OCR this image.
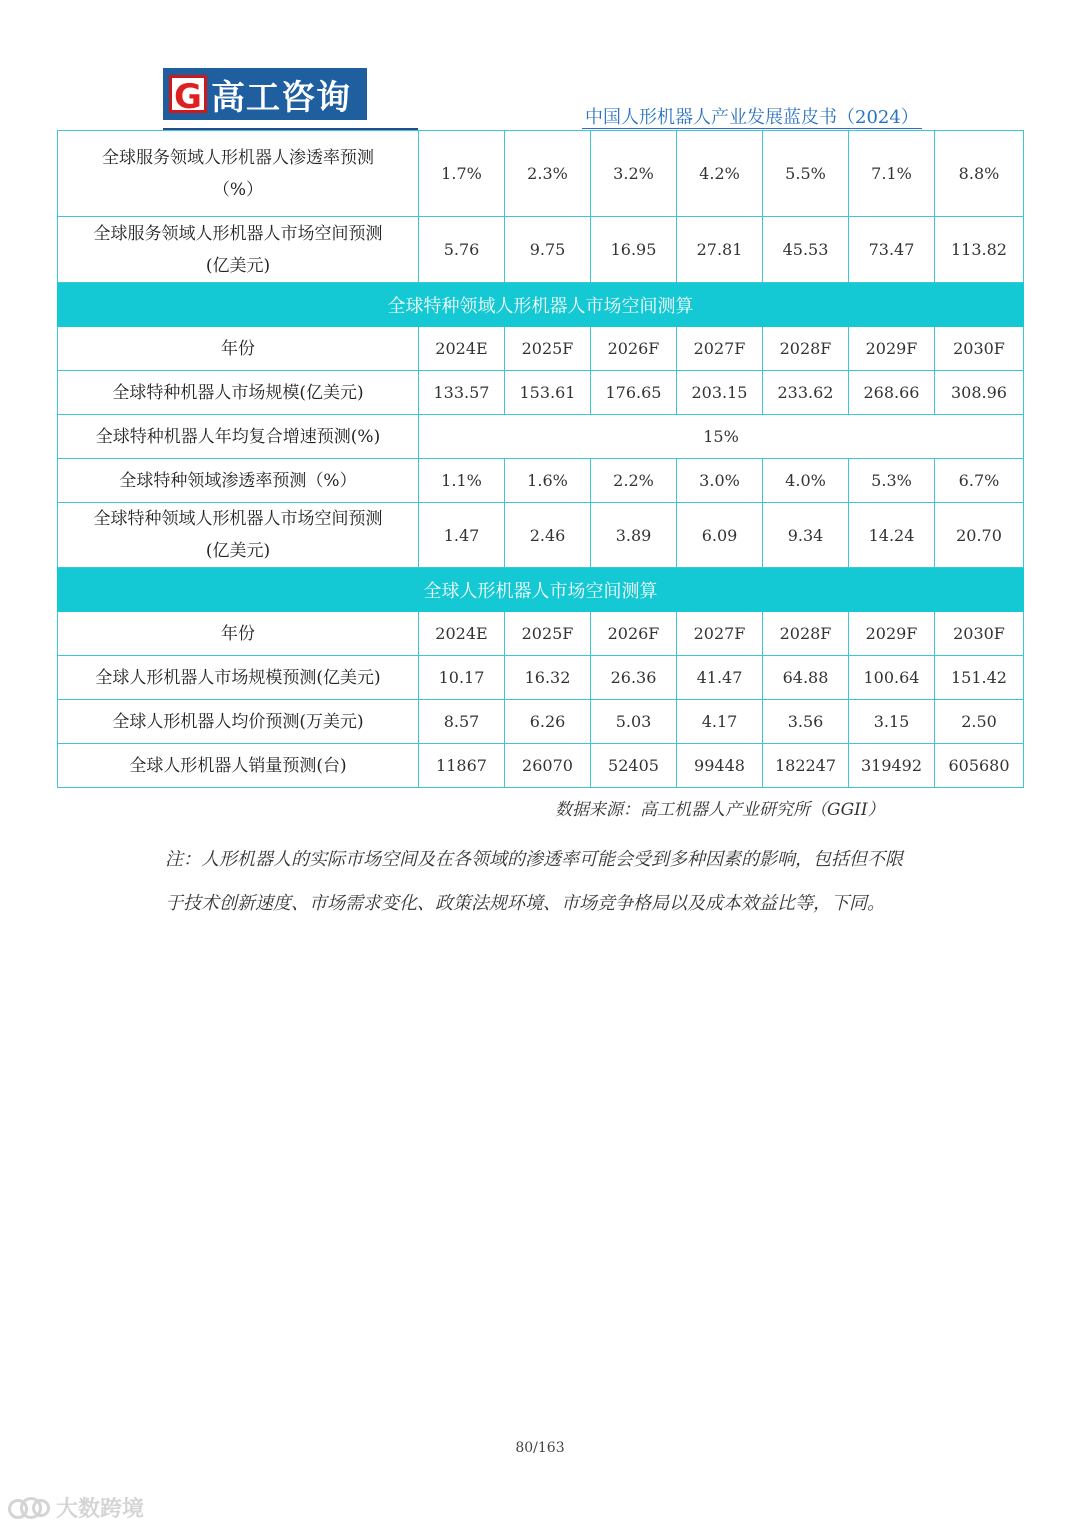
G 高工咨询	中国人形机器人产业发展蓝皮书（2024）
全球服务领域人形机器人渗透率预测
（%）	1.7%	2.3%	3.2%	4.2%	5.5%	7.1%	8.8%

全球服务领域人形机器人市场空间预测
(亿美元)	5.76	9.75	16.95	27.81	45.53	73.47	113.82
全球特种领域人形机器人市场空间测算							
年份	2024E	2025F	2026F	2027F	2028F	2029F	2030F
全球特种机器人市场规模(亿美元)	133.57	153.61	176.65	203.15	233.62	268.66	308.96
全球特种机器人年均复合增速预测(%)	15%						
全球特种领域渗透率预测（%）	1.1%	1.6%	2.2%	3.0%	4.0%	5.3%	6.7%

全球特种领域人形机器人市场空间预测
(亿美元)	1.47	2.46	3.89	6.09	9.34	14.24	20.70
全球人形机器人市场空间测算							
年份	2024E	2025F	2026F	2027F	2028F	2029F	2030F
全球人形机器人市场规模预测(亿美元)	10.17	16.32	26.36	41.47	64.88	100.64	151.42
全球人形机器人均价预测(万美元)	8.57	6.26	5.03	4.17	3.56	3.15	2.50
全球人形机器人销量预测(台)	11867	26070	52405	99448	182247	319492	605680
数据来源：高工机器人产业研究所（GGII）
注：人形机器人的实际市场空间及在各领域的渗透率可能会受到多种因素的影响，包括但不限于技术创新速度、市场需求变化、政策法规环境、市场竞争格局以及成本效益比等，下同。
80/163
大数跨境
